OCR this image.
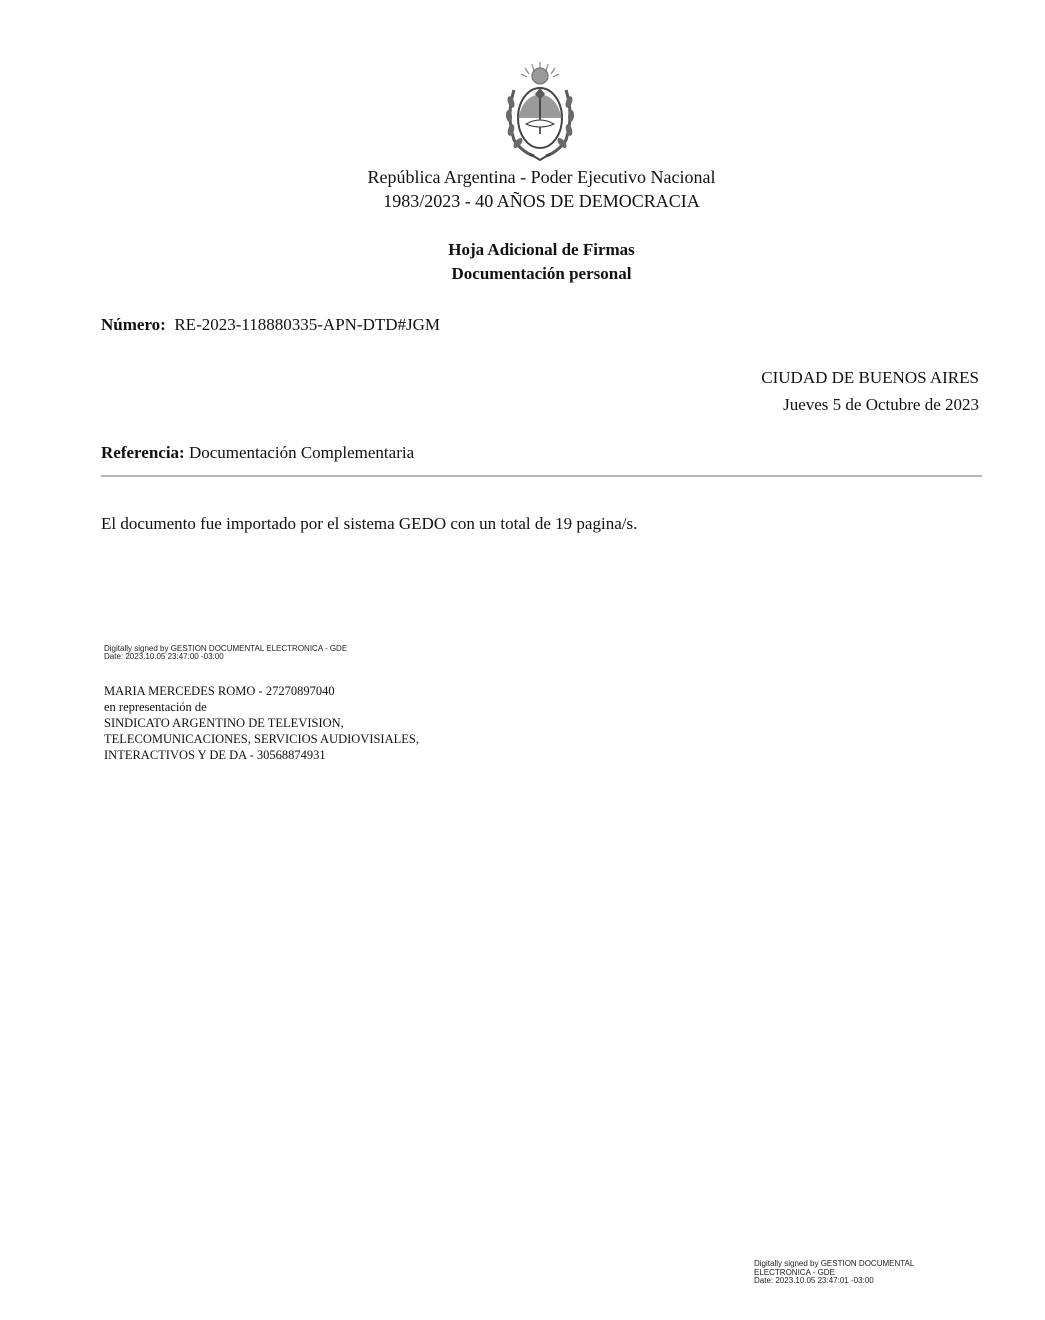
República Argentina - Poder Ejecutivo Nacional
1983/2023 - 40 AÑOS DE DEMOCRACIA
Hoja Adicional de Firmas
Documentación personal
Número: RE-2023-118880335-APN-DTD#JGM
CIUDAD DE BUENOS AIRES
Jueves 5 de Octubre de 2023
Referencia: Documentación Complementaria
El documento fue importado por el sistema GEDO con un total de 19 pagina/s.
Digitally signed by GESTION DOCUMENTAL ELECTRONICA - GDE
Date: 2023.10.05 23:47:00 -03:00
MARIA MERCEDES ROMO - 27270897040
en representación de
SINDICATO ARGENTINO DE TELEVISION,
TELECOMUNICACIONES, SERVICIOS AUDIOVISIALES,
INTERACTIVOS Y DE DA - 30568874931
Digitally signed by GESTION DOCUMENTAL
ELECTRONICA - GDE
Date: 2023.10.05 23:47:01 -03:00
